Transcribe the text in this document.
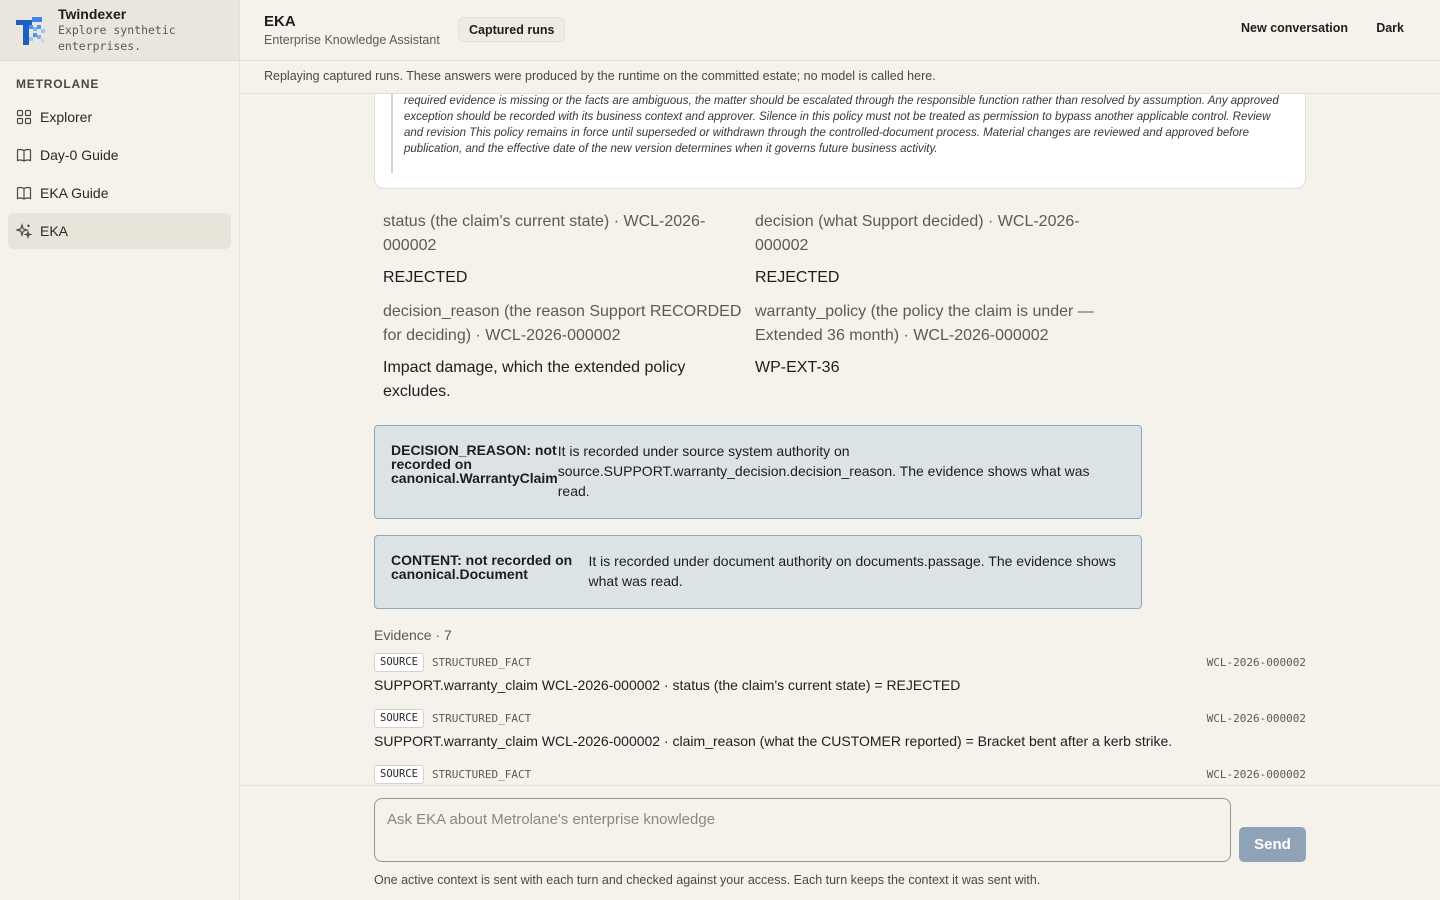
Twindexer
Explore synthetic enterprises.
METROLANE
Explorer
Day-0 Guide
EKA Guide
EKA
EKA
Enterprise Knowledge Assistant
Captured runs	New conversation Dark
Replaying captured runs. These answers were produced by the runtime on the committed estate; no model is called here.
required evidence is missing or the facts are ambiguous, the matter should be escalated through the responsible function rather than resolved by assumption. Any approved exception should be recorded with its business context and approver. Silence in this policy must not be treated as permission to bypass another applicable control. Review and revision This policy remains in force until superseded or withdrawn through the controlled-document process. Material changes are reviewed and approved before publication, and the effective date of the new version determines when it governs future business activity.
status (the claim's current state) · WCL-2026-000002
REJECTED
decision (what Support decided) · WCL-2026-000002
REJECTED
decision_reason (the reason Support RECORDED for deciding) · WCL-2026-000002
Impact damage, which the extended policy excludes.
warranty_policy (the policy the claim is under — Extended 36 month) · WCL-2026-000002
WP-EXT-36
DECISION_REASON: not recorded on canonical.WarrantyClaim
It is recorded under source system authority on source.SUPPORT.warranty_decision.decision_reason. The evidence shows what was read.
CONTENT: not recorded on canonical.Document
It is recorded under document authority on documents.passage. The evidence shows what was read.
Evidence · 7
SOURCE	STRUCTURED_FACT	WCL-2026-000002
SUPPORT.warranty_claim WCL-2026-000002 · status (the claim's current state) = REJECTED
SOURCE	STRUCTURED_FACT	WCL-2026-000002
SUPPORT.warranty_claim WCL-2026-000002 · claim_reason (what the CUSTOMER reported) = Bracket bent after a kerb strike.
SOURCE	STRUCTURED_FACT	WCL-2026-000002
Ask EKA about Metrolane's enterprise knowledge
Send
One active context is sent with each turn and checked against your access. Each turn keeps the context it was sent with.
